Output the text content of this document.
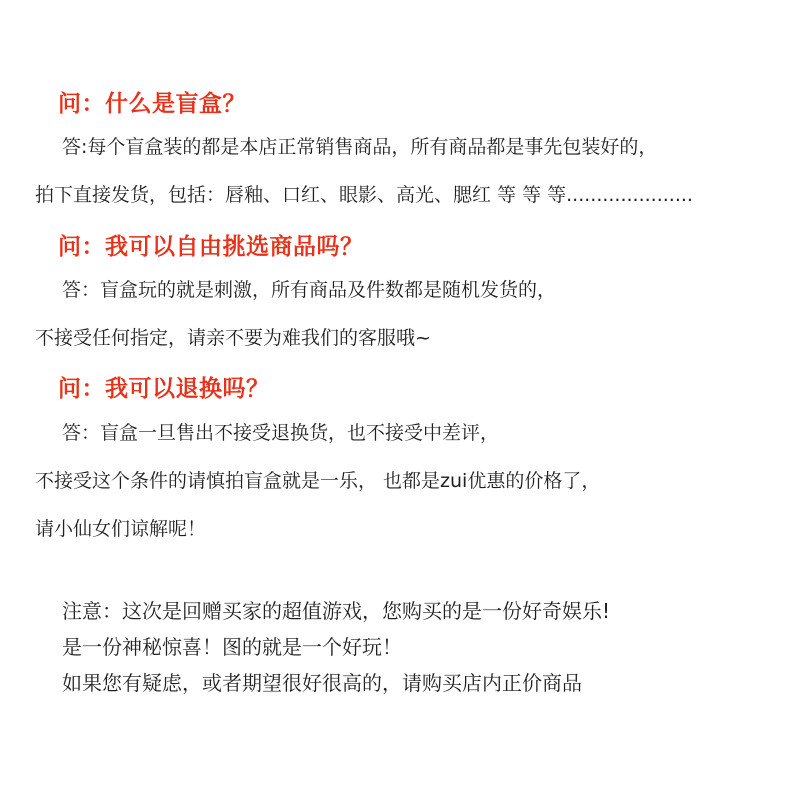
问：什么是盲盒？

答:每个盲盒装的都是本店正常销售商品，所有商品都是事先包装好的，

拍下直接发货，包括：唇釉、口红、眼影、高光、腮红 等 等 等.....................

问：我可以自由挑选商品吗？

答：盲盒玩的就是刺激，所有商品及件数都是随机发货的，

不接受任何指定，请亲不要为难我们的客服哦~

问：我可以退换吗？

答：盲盒一旦售出不接受退换货，也不接受中差评，

不接受这个条件的请慎拍盲盒就是一乐， 也都是zui优惠的价格了，

请小仙女们谅解呢！

注意：这次是回赠买家的超值游戏，您购买的是一份好奇娱乐!

是一份神秘惊喜！图的就是一个好玩！

如果您有疑虑，或者期望很好很高的，请购买店内正价商品
